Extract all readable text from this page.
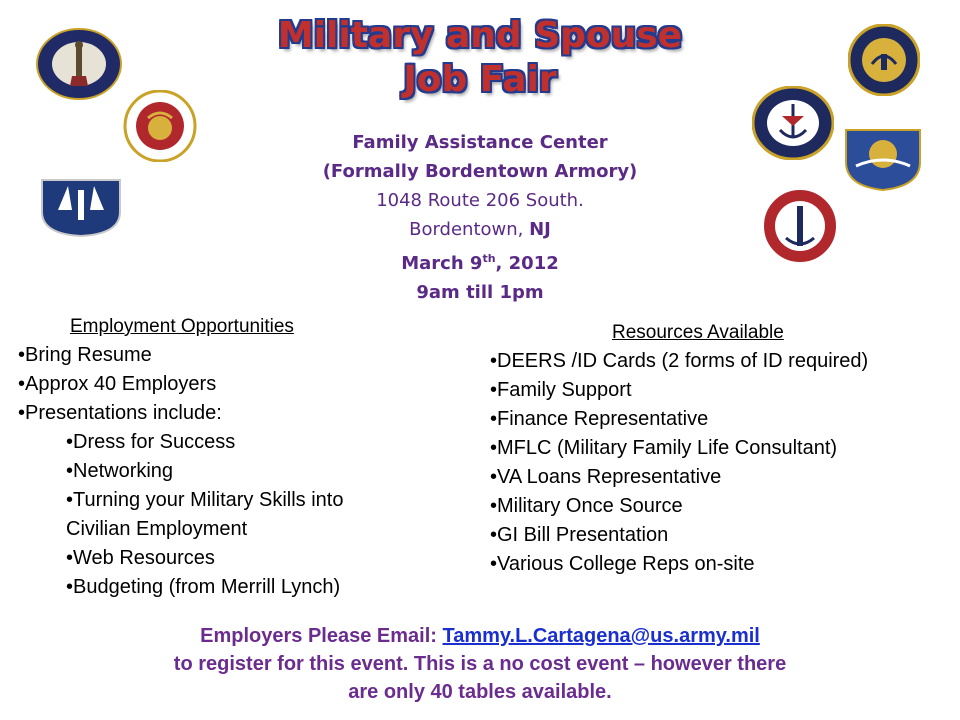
Military and Spouse
Job Fair
Family Assistance Center
(Formally Bordentown Armory)
1048 Route 206 South.
Bordentown, NJ
March 9th, 2012
9am till 1pm
Employment Opportunities
•Bring Resume
•Approx 40 Employers
•Presentations include:
•Dress for Success
•Networking
•Turning your Military Skills into
Civilian Employment
•Web Resources
•Budgeting (from Merrill Lynch)
Resources Available
•DEERS /ID Cards (2 forms of ID required)
•Family Support
•Finance Representative
•MFLC (Military Family Life Consultant)
•VA Loans Representative
•Military Once Source
•GI Bill Presentation
•Various College Reps on-site
Employers Please Email: Tammy.L.Cartagena@us.army.mil
to register for this event. This is a no cost event – however there
are only 40 tables available.
